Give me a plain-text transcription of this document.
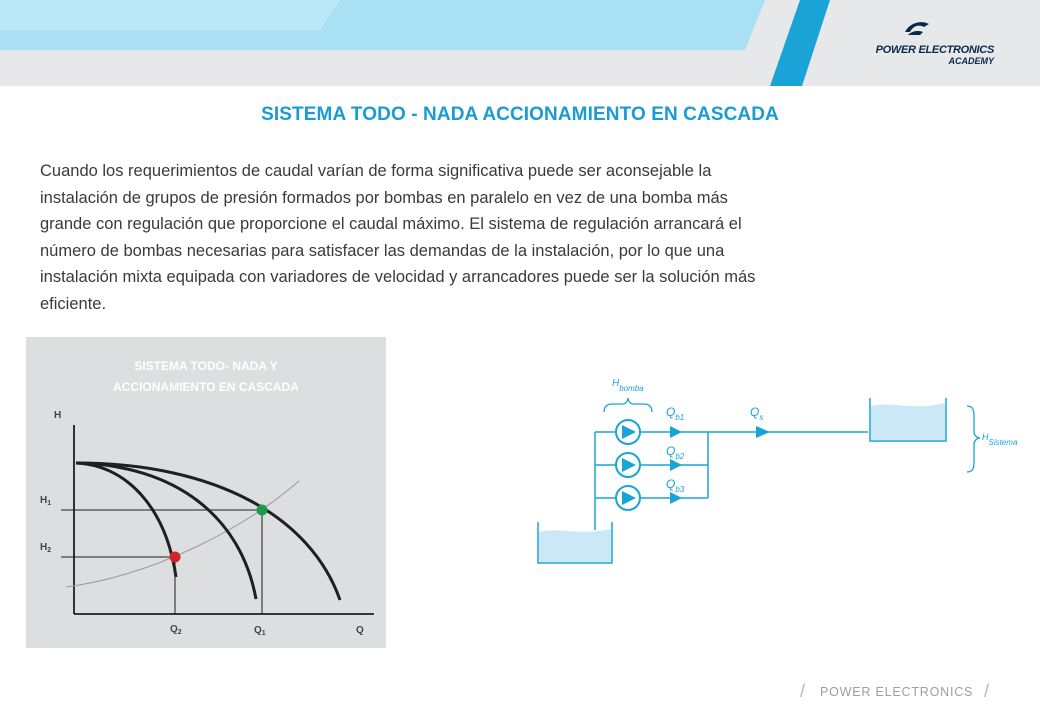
POWER ELECTRONICS
ACADEMY
SISTEMA TODO - NADA ACCIONAMIENTO EN CASCADA
Cuando los requerimientos de caudal varían de forma significativa puede ser aconsejable la
instalación de grupos de presión formados por bombas en paralelo en vez de una bomba más
grande con regulación que proporcione el caudal máximo. El sistema de regulación arrancará el
número de bombas necesarias para satisfacer las demandas de la instalación, por lo que una
instalación mixta equipada con variadores de velocidad y arrancadores puede ser la solución más
eficiente.
SISTEMA TODO- NADA Y
ACCIONAMIENTO EN CASCADA
H
Q
$H_1$
$H_2$
$Q_2$	$Q_1$
$H_{bomba}$
$Q_{b1}$
$Q_{b2}$
$Q_{b3}$
$Q_s$
HSistema
/ POWER ELECTRONICS /
